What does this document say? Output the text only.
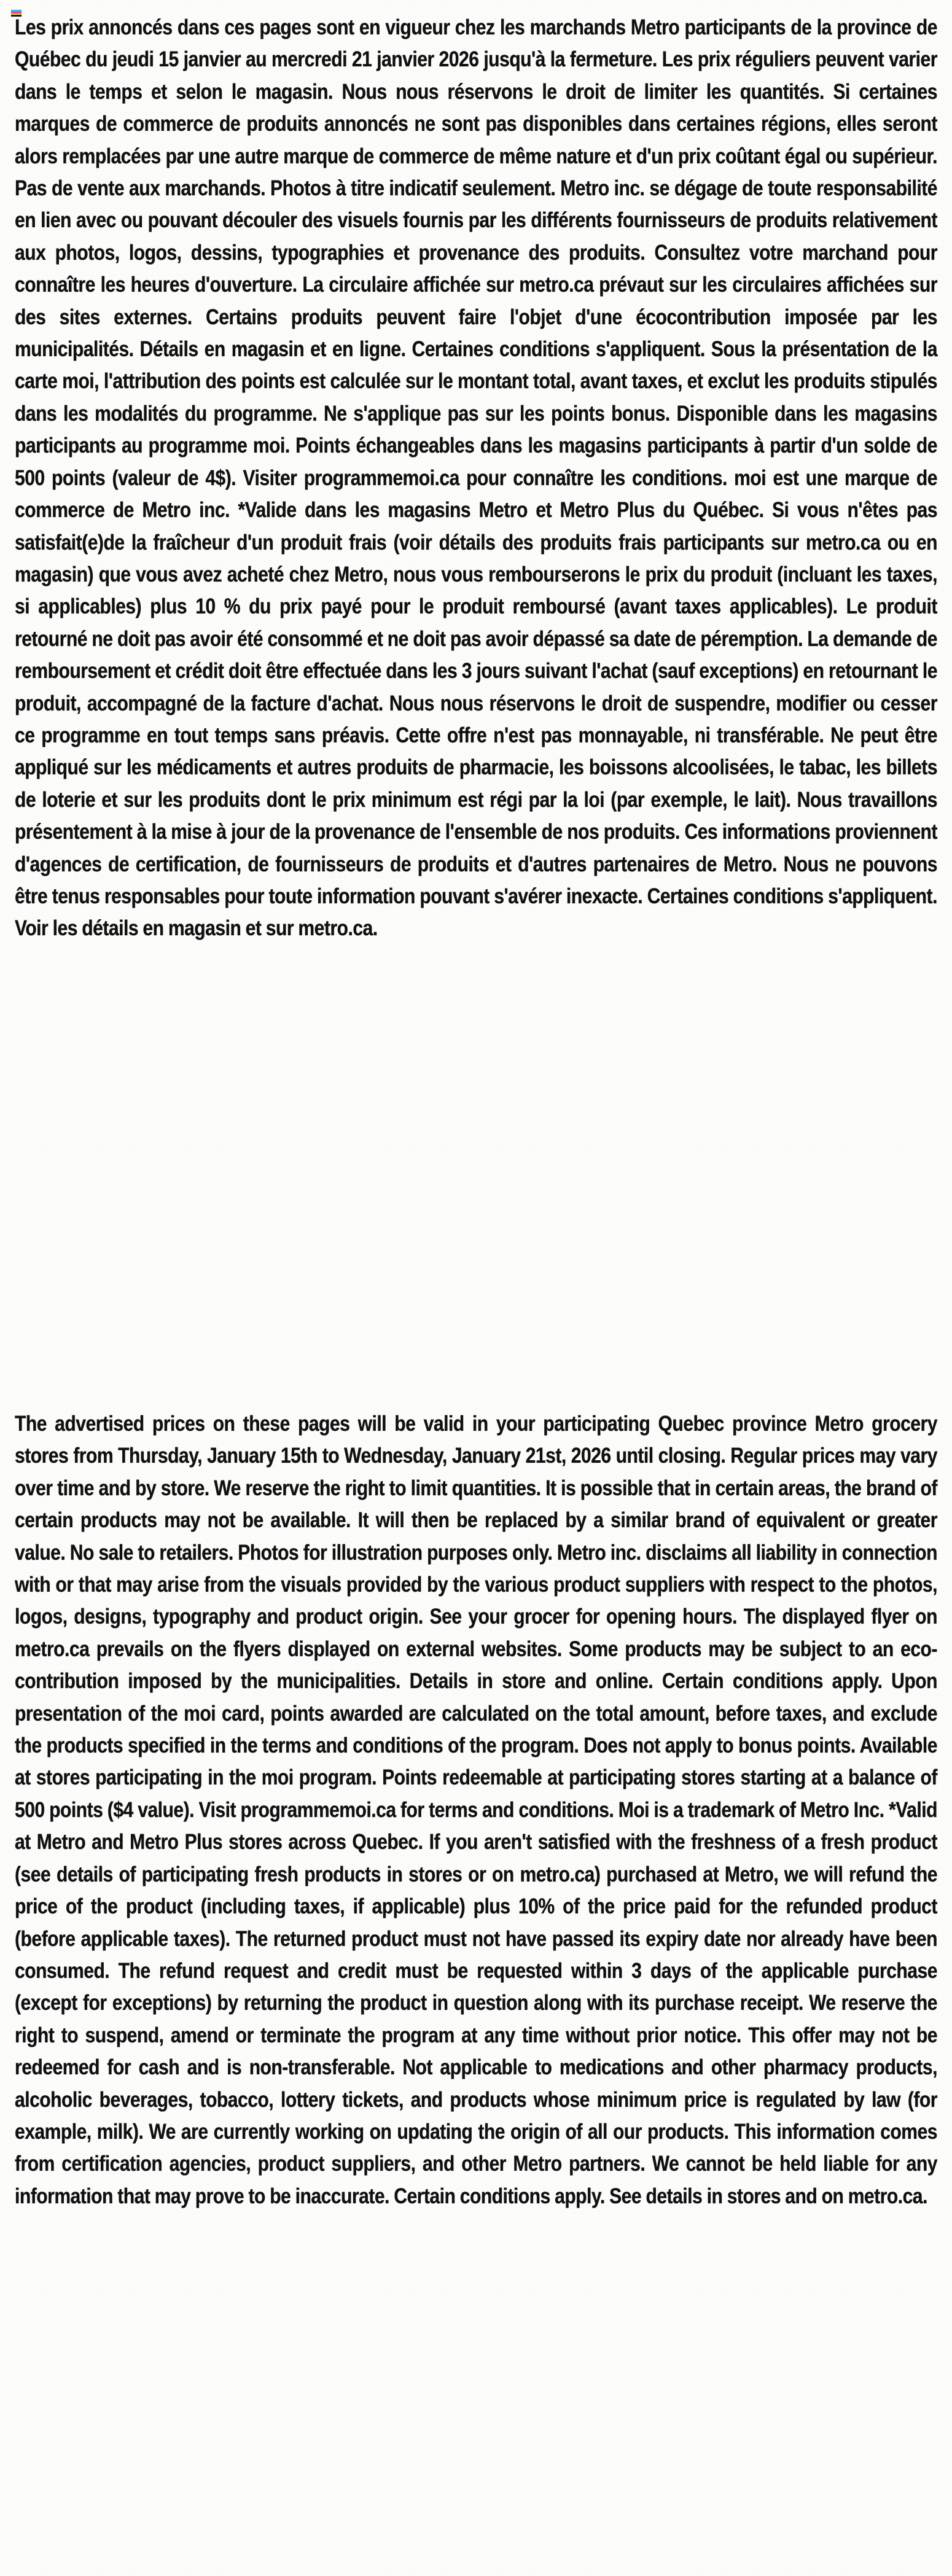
Les prix annoncés dans ces pages sont en vigueur chez les marchands Metro participants de la province de Québec du jeudi 15 janvier au mercredi 21 janvier 2026 jusqu'à la fermeture. Les prix réguliers peuvent varier dans le temps et selon le magasin. Nous nous réservons le droit de limiter les quantités. Si certaines marques de commerce de produits annoncés ne sont pas disponibles dans certaines régions, elles seront alors remplacées par une autre marque de commerce de même nature et d'un prix coûtant égal ou supérieur. Pas de vente aux marchands. Photos à titre indicatif seulement. Metro inc. se dégage de toute responsabilité en lien avec ou pouvant découler des visuels fournis par les différents fournisseurs de produits relativement aux photos, logos, dessins, typographies et provenance des produits. Consultez votre marchand pour connaître les heures d'ouverture. La circulaire affichée sur metro.ca prévaut sur les circulaires affichées sur des sites externes. Certains produits peuvent faire l'objet d'une écocontribution imposée par les municipalités. Détails en magasin et en ligne. Certaines conditions s'appliquent. Sous la présentation de la carte moi, l'attribution des points est calculée sur le montant total, avant taxes, et exclut les produits stipulés dans les modalités du programme. Ne s'applique pas sur les points bonus. Disponible dans les magasins participants au programme moi. Points échangeables dans les magasins participants à partir d'un solde de 500 points (valeur de 4$). Visiter programmemoi.ca pour connaître les conditions. moi est une marque de commerce de Metro inc. *Valide dans les magasins Metro et Metro Plus du Québec. Si vous n'êtes pas satisfait(e)de la fraîcheur d'un produit frais (voir détails des produits frais participants sur metro.ca ou en magasin) que vous avez acheté chez Metro, nous vous rembourserons le prix du produit (incluant les taxes, si applicables) plus 10 % du prix payé pour le produit remboursé (avant taxes applicables). Le produit retourné ne doit pas avoir été consommé et ne doit pas avoir dépassé sa date de péremption. La demande de remboursement et crédit doit être effectuée dans les 3 jours suivant l'achat (sauf exceptions) en retournant le produit, accompagné de la facture d'achat. Nous nous réservons le droit de suspendre, modifier ou cesser ce programme en tout temps sans préavis. Cette offre n'est pas monnayable, ni transférable. Ne peut être appliqué sur les médicaments et autres produits de pharmacie, les boissons alcoolisées, le tabac, les billets de loterie et sur les produits dont le prix minimum est régi par la loi (par exemple, le lait). Nous travaillons présentement à la mise à jour de la provenance de l'ensemble de nos produits. Ces informations proviennent d'agences de certification, de fournisseurs de produits et d'autres partenaires de Metro. Nous ne pouvons être tenus responsables pour toute information pouvant s'avérer inexacte. Certaines conditions s'appliquent. Voir les détails en magasin et sur metro.ca.

The advertised prices on these pages will be valid in your participating Quebec province Metro grocery stores from Thursday, January 15th to Wednesday, January 21st, 2026 until closing. Regular prices may vary over time and by store. We reserve the right to limit quantities. It is possible that in certain areas, the brand of certain products may not be available. It will then be replaced by a similar brand of equivalent or greater value. No sale to retailers. Photos for illustration purposes only. Metro inc. disclaims all liability in connection with or that may arise from the visuals provided by the various product suppliers with respect to the photos, logos, designs, typography and product origin. See your grocer for opening hours. The displayed flyer on metro.ca prevails on the flyers displayed on external websites. Some products may be subject to an eco-contribution imposed by the municipalities. Details in store and online. Certain conditions apply. Upon presentation of the moi card, points awarded are calculated on the total amount, before taxes, and exclude the products specified in the terms and conditions of the program. Does not apply to bonus points. Available at stores participating in the moi program. Points redeemable at participating stores starting at a balance of 500 points ($4 value). Visit programmemoi.ca for terms and conditions. Moi is a trademark of Metro Inc. *Valid at Metro and Metro Plus stores across Quebec. If you aren't satisfied with the freshness of a fresh product (see details of participating fresh products in stores or on metro.ca) purchased at Metro, we will refund the price of the product (including taxes, if applicable) plus 10% of the price paid for the refunded product (before applicable taxes). The returned product must not have passed its expiry date nor already have been consumed. The refund request and credit must be requested within 3 days of the applicable purchase (except for exceptions) by returning the product in question along with its purchase receipt. We reserve the right to suspend, amend or terminate the program at any time without prior notice. This offer may not be redeemed for cash and is non-transferable. Not applicable to medications and other pharmacy products, alcoholic beverages, tobacco, lottery tickets, and products whose minimum price is regulated by law (for example, milk). We are currently working on updating the origin of all our products. This information comes from certification agencies, product suppliers, and other Metro partners. We cannot be held liable for any information that may prove to be inaccurate. Certain conditions apply. See details in stores and on metro.ca.
